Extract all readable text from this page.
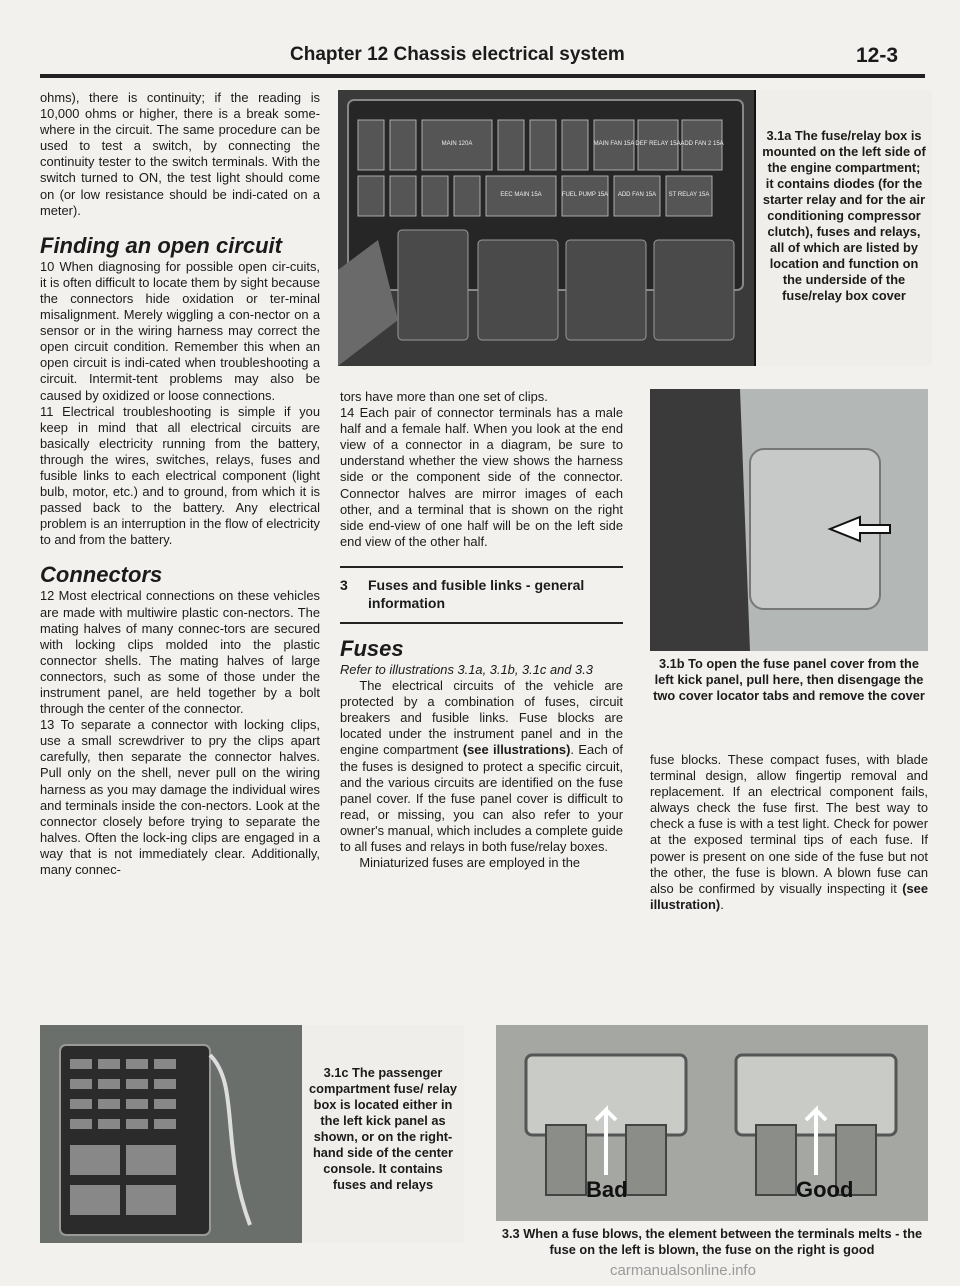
Chapter 12 Chassis electrical system	12-3

ohms), there is continuity; if the reading is 10,000 ohms or higher, there is a break some-where in the circuit. The same procedure can be used to test a switch, by connecting the continuity tester to the switch terminals. With the switch turned to ON, the test light should come on (or low resistance should be indi-cated on a meter).

Finding an open circuit

10 When diagnosing for possible open cir-cuits, it is often difficult to locate them by sight because the connectors hide oxidation or ter-minal misalignment. Merely wiggling a con-nector on a sensor or in the wiring harness may correct the open circuit condition. Remember this when an open circuit is indi-cated when troubleshooting a circuit. Intermit-tent problems may also be caused by oxidized or loose connections.

11 Electrical troubleshooting is simple if you keep in mind that all electrical circuits are basically electricity running from the battery, through the wires, switches, relays, fuses and fusible links to each electrical component (light bulb, motor, etc.) and to ground, from which it is passed back to the battery. Any electrical problem is an interruption in the flow of electricity to and from the battery.

Connectors

12 Most electrical connections on these vehicles are made with multiwire plastic con-nectors. The mating halves of many connec-tors are secured with locking clips molded into the plastic connector shells. The mating halves of large connectors, such as some of those under the instrument panel, are held together by a bolt through the center of the connector.

13 To separate a connector with locking clips, use a small screwdriver to pry the clips apart carefully, then separate the connector halves. Pull only on the shell, never pull on the wiring harness as you may damage the individual wires and terminals inside the con-nectors. Look at the connector closely before trying to separate the halves. Often the lock-ing clips are engaged in a way that is not immediately clear. Additionally, many connec-

MAIN 120A	MAIN FAN 15A DEF RELAY 15A ADD FAN 2 15A
EEC MAIN 15A	FUEL PUMP 15A ADD FAN 15A ST RELAY 15A
3.1a The fuse/relay box is mounted on the left side of the engine compartment; it contains diodes (for the starter relay and for the air conditioning compressor clutch), fuses and relays, all of which are listed by location and function on the underside of the fuse/relay box cover

tors have more than one set of clips.

14 Each pair of connector terminals has a male half and a female half. When you look at the end view of a connector in a diagram, be sure to understand whether the view shows the harness side or the component side of the connector. Connector halves are mirror images of each other, and a terminal that is shown on the right side end-view of one half will be on the left side end view of the other half.

3	Fuses and fusible links - general information
Fuses

Refer to illustrations 3.1a, 3.1b, 3.1c and 3.3

The electrical circuits of the vehicle are protected by a combination of fuses, circuit breakers and fusible links. Fuse blocks are located under the instrument panel and in the engine compartment (see illustrations). Each of the fuses is designed to protect a specific circuit, and the various circuits are identified on the fuse panel cover. If the fuse panel cover is difficult to read, or missing, you can also refer to your owner's manual, which includes a complete guide to all fuses and relays in both fuse/relay boxes.

Miniaturized fuses are employed in the

3.1b To open the fuse panel cover from the left kick panel, pull here, then disengage the two cover locator tabs and remove the cover

fuse blocks. These compact fuses, with blade terminal design, allow fingertip removal and replacement. If an electrical component fails, always check the fuse first. The best way to check a fuse is with a test light. Check for power at the exposed terminal tips of each fuse. If power is present on one side of the fuse but not the other, the fuse is blown. A blown fuse can also be confirmed by visually inspecting it (see illustration).

3.1c The passenger compartment fuse/ relay box is located either in the left kick panel as shown, or on the right-hand side of the center console. It contains fuses and relays	Bad	Good
3.3 When a fuse blows, the element between the terminals melts - the fuse on the left is blown, the fuse on the right is good
carmanualsonline.info
